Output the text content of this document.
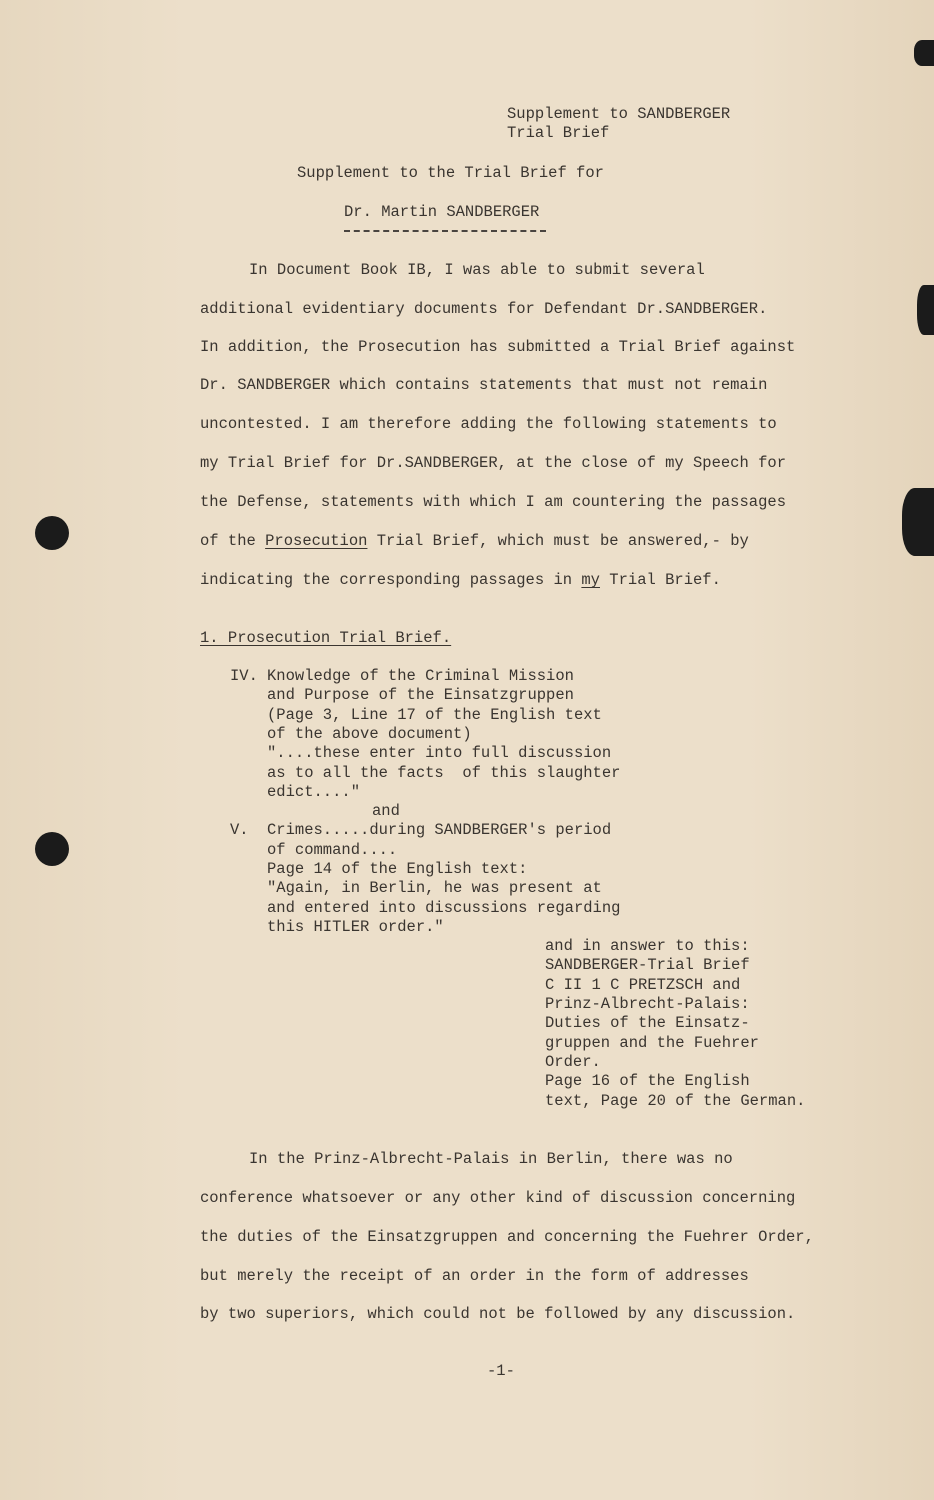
Supplement to SANDBERGER
Trial Brief
Supplement to the Trial Brief for
Dr. Martin SANDBERGER
In Document Book IB, I was able to submit several
additional evidentiary documents for Defendant Dr.SANDBERGER.
In addition, the Prosecution has submitted a Trial Brief against
Dr. SANDBERGER which contains statements that must not remain
uncontested. I am therefore adding the following statements to
my Trial Brief for Dr.SANDBERGER, at the close of my Speech for
the Defense, statements with which I am countering the passages
of the Prosecution Trial Brief, which must be answered,- by
indicating the corresponding passages in my Trial Brief.
1. Prosecution Trial Brief.
IV. Knowledge of the Criminal Mission
and Purpose of the Einsatzgruppen
(Page 3, Line 17 of the English text
of the above document)
"....these enter into full discussion
as to all the facts  of this slaughter
edict...."
and
V. Crimes.....during SANDBERGER's period
of command....
Page 14 of the English text:
"Again, in Berlin, he was present at
and entered into discussions regarding
this HITLER order."
and in answer to this:
SANDBERGER-Trial Brief
C II 1 C PRETZSCH and
Prinz-Albrecht-Palais:
Duties of the Einsatz-
gruppen and the Fuehrer
Order.
Page 16 of the English
text, Page 20 of the German.
In the Prinz-Albrecht-Palais in Berlin, there was no
conference whatsoever or any other kind of discussion concerning
the duties of the Einsatzgruppen and concerning the Fuehrer Order,
but merely the receipt of an order in the form of addresses
by two superiors, which could not be followed by any discussion.
-1-
